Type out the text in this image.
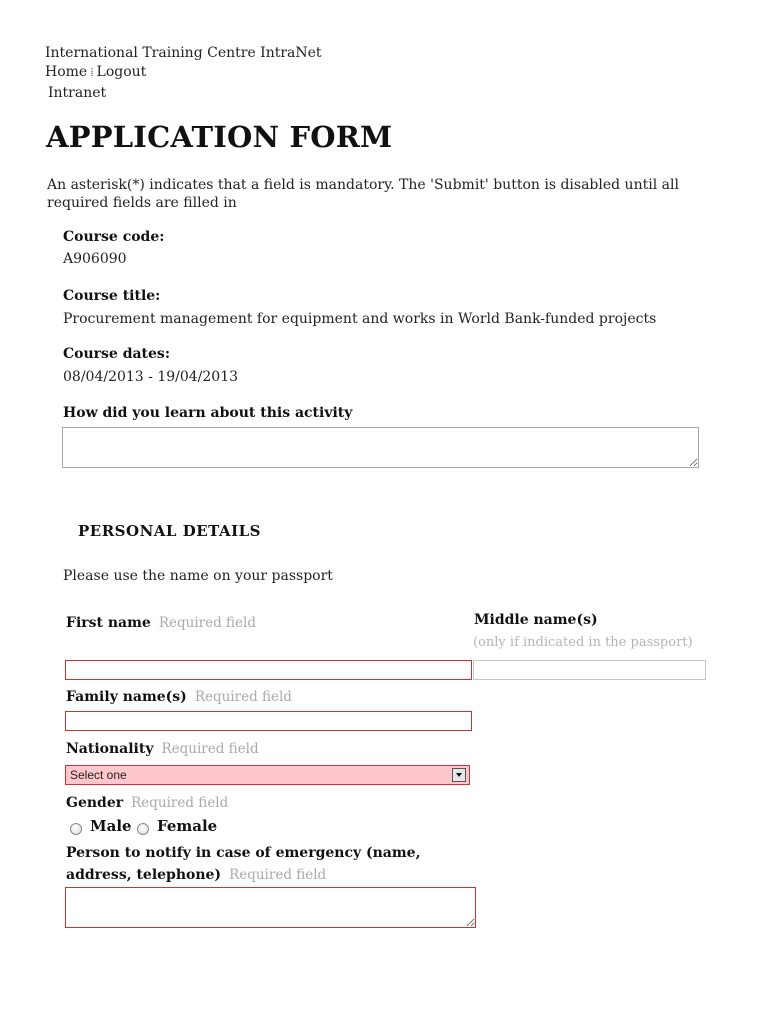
International Training Centre IntraNet
Home ⁞ Logout
Intranet
APPLICATION FORM
An asterisk(*) indicates that a field is mandatory. The 'Submit' button is disabled until all required fields are filled in
Course code:
A906090
Course title:
Procurement management for equipment and works in World Bank-funded projects
Course dates:
08/04/2013 - 19/04/2013
How did you learn about this activity
PERSONAL DETAILS
Please use the name on your passport
First name Required field	Middle name(s)
(only if indicated in the passport)
Family name(s) Required field
Nationality Required field
Select one
Gender Required field
Male Female
Person to notify in case of emergency (name,
address, telephone) Required field
